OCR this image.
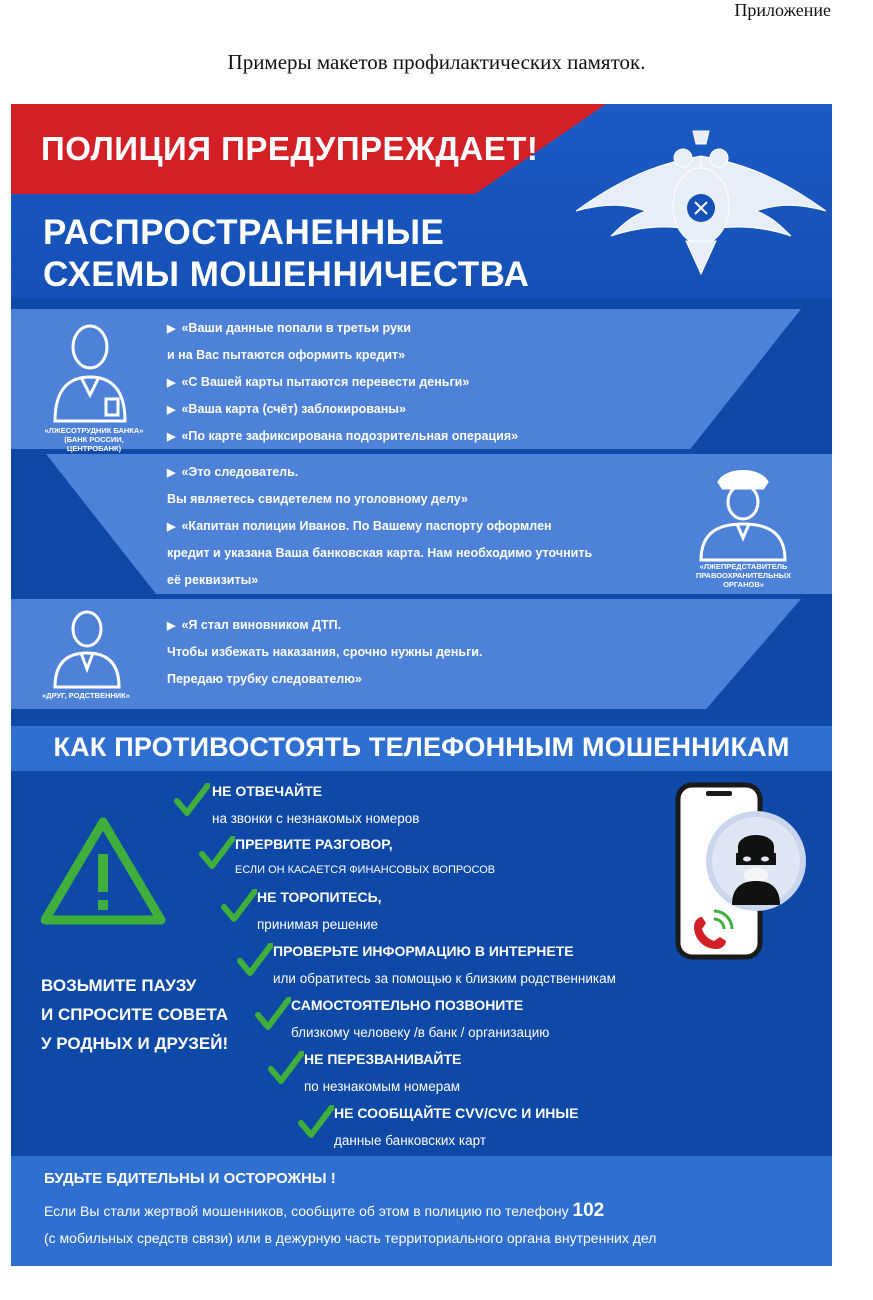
Приложение
Примеры макетов профилактических памяток.
ПОЛИЦИЯ ПРЕДУПРЕЖДАЕТ!
РАСПРОСТРАНЕННЫЕ
СХЕМЫ МОШЕННИЧЕСТВА
«ЛЖЕСОТРУДНИК БАНКА»
(БАНК РОССИИ, ЦЕНТРОБАНК)
▶ «Ваши данные попали в третьи руки
и на Вас пытаются оформить кредит»
▶ «С Вашей карты пытаются перевести деньги»
▶ «Ваша карта (счёт) заблокированы»
▶ «По карте зафиксирована подозрительная операция»
▶ «Это следователь.
Вы являетесь свидетелем по уголовному делу»
▶ «Капитан полиции Иванов. По Вашему паспорту оформлен
кредит и указана Ваша банковская карта. Нам необходимо уточнить
её реквизиты»
«ЛЖЕПРЕДСТАВИТЕЛЬ
ПРАВООХРАНИТЕЛЬНЫХ
ОРГАНОВ»
«ДРУГ, РОДСТВЕННИК»
▶ «Я стал виновником ДТП.
Чтобы избежать наказания, срочно нужны деньги.
Передаю трубку следователю»
КАК ПРОТИВОСТОЯТЬ ТЕЛЕФОННЫМ МОШЕННИКАМ
ВОЗЬМИТЕ ПАУЗУ
И СПРОСИТЕ СОВЕТА
У РОДНЫХ И ДРУЗЕЙ!
НЕ ОТВЕЧАЙТЕ
на звонки с незнакомых номеров
ПРЕРВИТЕ РАЗГОВОР,
ЕСЛИ ОН КАСАЕТСЯ ФИНАНСОВЫХ ВОПРОСОВ
НЕ ТОРОПИТЕСЬ,
принимая решение
ПРОВЕРЬТЕ ИНФОРМАЦИЮ В ИНТЕРНЕТЕ
или обратитесь за помощью к близким родственникам
САМОСТОЯТЕЛЬНО ПОЗВОНИТЕ
близкому человеку /в банк / организацию
НЕ ПЕРЕЗВАНИВАЙТЕ
по незнакомым номерам
НЕ СООБЩАЙТЕ CVV/CVC И ИНЫЕ
данные банковских карт
БУДЬТЕ БДИТЕЛЬНЫ И ОСТОРОЖНЫ !
Если Вы стали жертвой мошенников, сообщите об этом в полицию по телефону 102
(с мобильных средств связи) или в дежурную часть территориального органа внутренних дел
